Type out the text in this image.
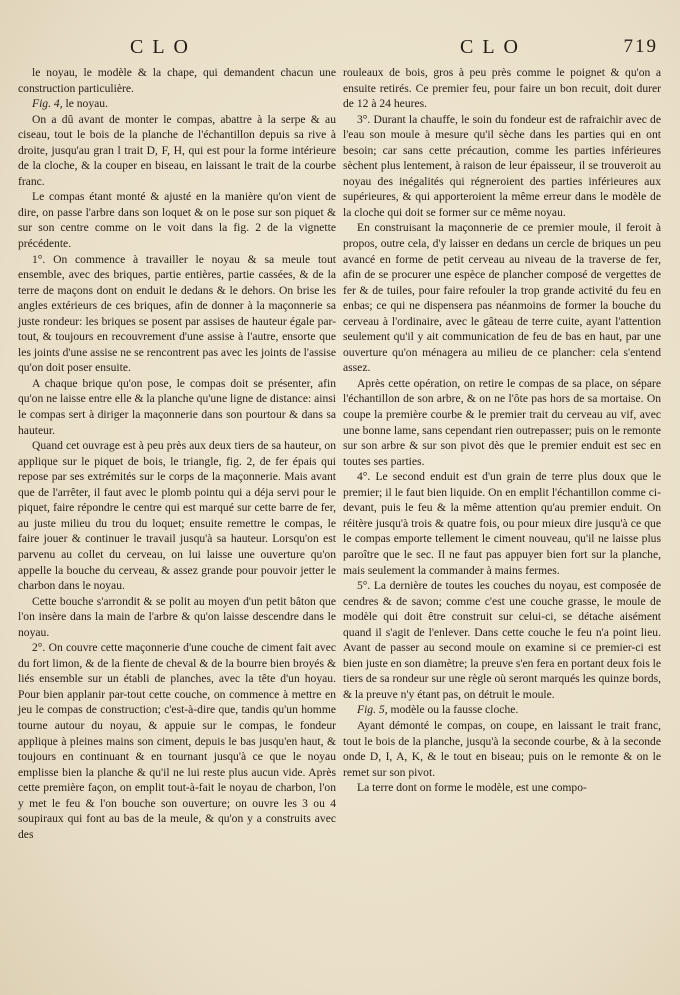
CLO	CLO	719

le noyau, le modèle & la chape, qui demandent chacun une construction particulière.

Fig. 4, le noyau.

On a dû avant de monter le compas, abattre à la serpe & au ciseau, tout le bois de la planche de l'échantillon depuis sa rive à droite, jusqu'au gran l trait D, F, H, qui est pour la forme intérieure de la cloche, & la couper en biseau, en laissant le trait de la courbe franc.

Le compas étant monté & ajusté en la manière qu'on vient de dire, on passe l'arbre dans son loquet & on le pose sur son piquet & sur son centre comme on le voit dans la fig. 2 de la vignette précédente.

1°. On commence à travailler le noyau & sa meule tout ensemble, avec des briques, partie entières, partie cassées, & de la terre de maçons dont on enduit le dedans & le dehors. On brise les angles extérieurs de ces briques, afin de donner à la maçonnerie sa juste rondeur: les briques se posent par assises de hauteur égale par-tout, & toujours en recouvrement d'une assise à l'autre, ensorte que les joints d'une assise ne se rencontrent pas avec les joints de l'assise qu'on doit poser ensuite.

A chaque brique qu'on pose, le compas doit se présenter, afin qu'on ne laisse entre elle & la planche qu'une ligne de distance: ainsi le compas sert à diriger la maçonnerie dans son pourtour & dans sa hauteur.

Quand cet ouvrage est à peu près aux deux tiers de sa hauteur, on applique sur le piquet de bois, le triangle, fig. 2, de fer épais qui repose par ses extrémités sur le corps de la maçonnerie. Mais avant que de l'arrêter, il faut avec le plomb pointu qui a déja servi pour le piquet, faire répondre le centre qui est marqué sur cette barre de fer, au juste milieu du trou du loquet; ensuite remettre le compas, le faire jouer & continuer le travail jusqu'à sa hauteur. Lorsqu'on est parvenu au collet du cerveau, on lui laisse une ouverture qu'on appelle la bouche du cerveau, & assez grande pour pouvoir jetter le charbon dans le noyau.

Cette bouche s'arrondit & se polit au moyen d'un petit bâton que l'on insère dans la main de l'arbre & qu'on laisse descendre dans le noyau.

2°. On couvre cette maçonnerie d'une couche de ciment fait avec du fort limon, & de la fiente de cheval & de la bourre bien broyés & liés ensemble sur un établi de planches, avec la tête d'un hoyau. Pour bien applanir par-tout cette couche, on commence à mettre en jeu le compas de construction; c'est-à-dire que, tandis qu'un homme tourne autour du noyau, & appuie sur le compas, le fondeur applique à pleines mains son ciment, depuis le bas jusqu'en haut, & toujours en continuant & en tournant jusqu'à ce que le noyau emplisse bien la planche & qu'il ne lui reste plus aucun vide. Après cette première façon, on emplit tout-à-fait le noyau de charbon, l'on y met le feu & l'on bouche son ouverture; on ouvre les 3 ou 4 soupiraux qui font au bas de la meule, & qu'on y a construits avec des

rouleaux de bois, gros à peu près comme le poignet & qu'on a ensuite retirés. Ce premier feu, pour faire un bon recuit, doit durer de 12 à 24 heures.

3°. Durant la chauffe, le soin du fondeur est de rafraichir avec de l'eau son moule à mesure qu'il sèche dans les parties qui en ont besoin; car sans cette précaution, comme les parties inférieures sèchent plus lentement, à raison de leur épaisseur, il se trouveroit au noyau des inégalités qui régneroient des parties inférieures aux supérieures, & qui apporteroient la même erreur dans le modèle de la cloche qui doit se former sur ce même noyau.

En construisant la maçonnerie de ce premier moule, il feroit à propos, outre cela, d'y laisser en dedans un cercle de briques un peu avancé en forme de petit cerveau au niveau de la traverse de fer, afin de se procurer une espèce de plancher composé de vergettes de fer & de tuiles, pour faire refouler la trop grande activité du feu en enbas; ce qui ne dispensera pas néanmoins de former la bouche du cerveau à l'ordinaire, avec le gâteau de terre cuite, ayant l'attention seulement qu'il y ait communication de feu de bas en haut, par une ouverture qu'on ménagera au milieu de ce plancher: cela s'entend assez.

Après cette opération, on retire le compas de sa place, on sépare l'échantillon de son arbre, & on ne l'ôte pas hors de sa mortaise. On coupe la première courbe & le premier trait du cerveau au vif, avec une bonne lame, sans cependant rien outrepasser; puis on le remonte sur son arbre & sur son pivot dès que le premier enduit est sec en toutes ses parties.

4°. Le second enduit est d'un grain de terre plus doux que le premier; il le faut bien liquide. On en emplit l'échantillon comme ci-devant, puis le feu & la même attention qu'au premier enduit. On réitère jusqu'à trois & quatre fois, ou pour mieux dire jusqu'à ce que le compas emporte tellement le ciment nouveau, qu'il ne laisse plus paroître que le sec. Il ne faut pas appuyer bien fort sur la planche, mais seulement la commander à mains fermes.

5°. La dernière de toutes les couches du noyau, est composée de cendres & de savon; comme c'est une couche grasse, le moule de modèle qui doit être construit sur celui-ci, se détache aisément quand il s'agit de l'enlever. Dans cette couche le feu n'a point lieu. Avant de passer au second moule on examine si ce premier-ci est bien juste en son diamètre; la preuve s'en fera en portant deux fois le tiers de sa rondeur sur une règle où seront marqués les quinze bords, & la preuve n'y étant pas, on détruit le moule.

Fig. 5, modèle ou la fausse cloche.

Ayant démonté le compas, on coupe, en laissant le trait franc, tout le bois de la planche, jusqu'à la seconde courbe, & à la seconde onde D, I, A, K, & le tout en biseau; puis on le remonte & on le remet sur son pivot.

La terre dont on forme le modèle, est une compo-
